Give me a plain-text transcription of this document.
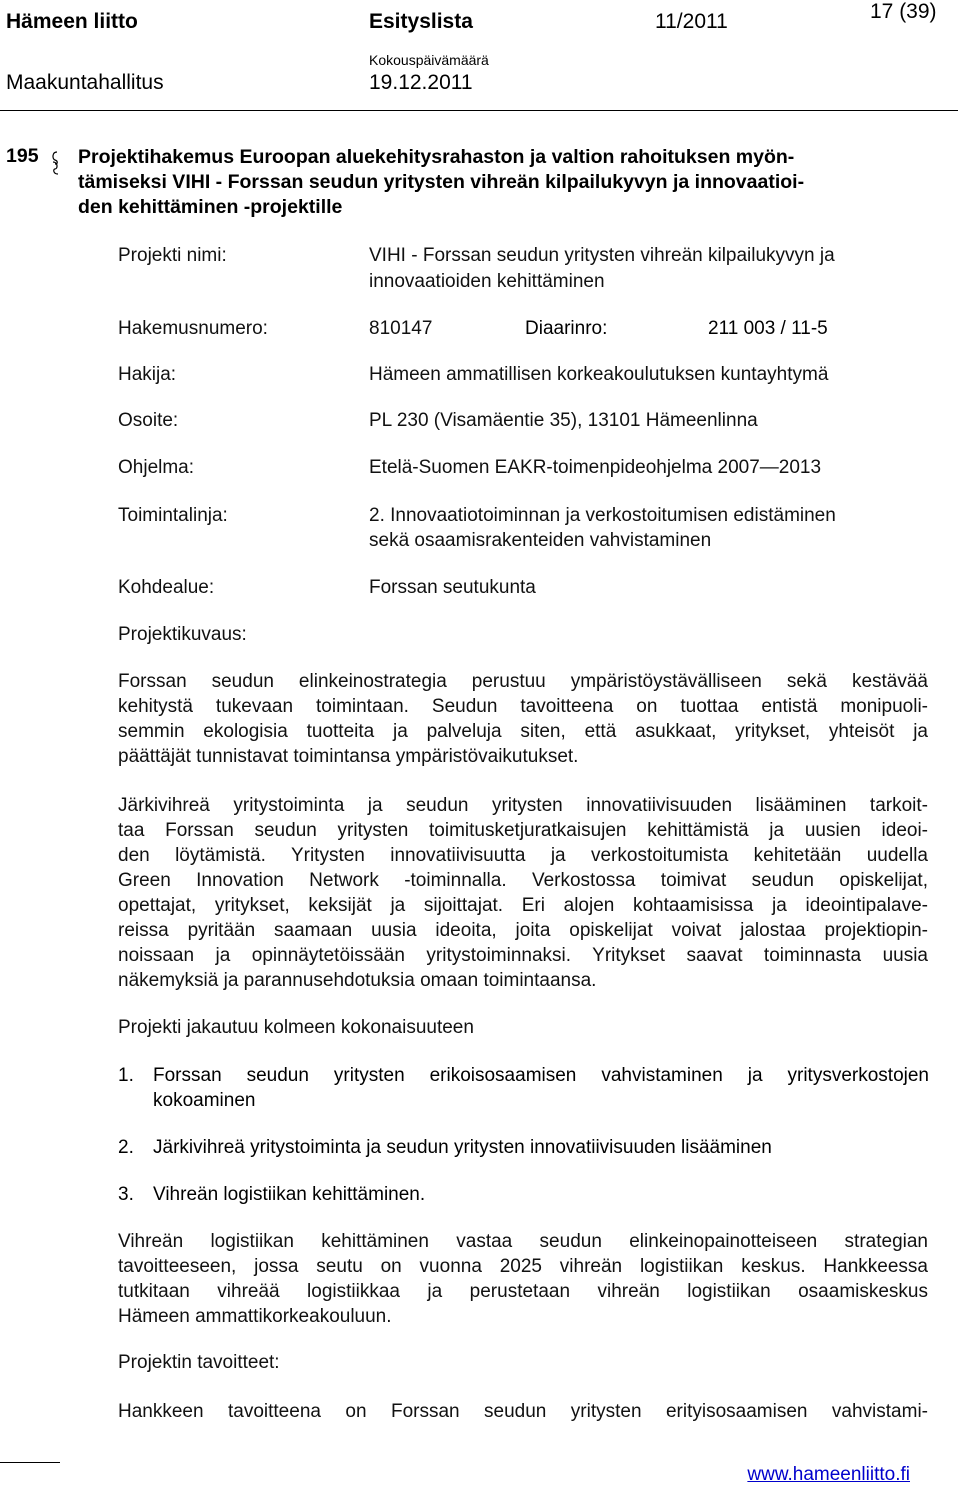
Hämeen liitto	Esityslista	11/2011	17 (39)
Maakuntahallitus
Kokouspäivämäärä
19.12.2011
195 Projektihakemus Euroopan aluekehitysrahaston ja valtion rahoituksen myön-
tämiseksi VIHI - Forssan seudun yritysten vihreän kilpailukyvyn ja innovaatioi-
den kehittäminen -projektille
Projekti nimi:	VIHI - Forssan seudun yritysten vihreän kilpailukyvyn ja
innovaatioiden kehittäminen
Hakemusnumero:	810147	Diaarinro:	211 003 / 11-5
Hakija:	Hämeen ammatillisen korkeakoulutuksen kuntayhtymä
Osoite:	PL 230 (Visamäentie 35), 13101 Hämeenlinna
Ohjelma:	Etelä-Suomen EAKR-toimenpideohjelma 2007—2013
Toimintalinja:	2. Innovaatiotoiminnan ja verkostoitumisen edistäminen
sekä osaamisrakenteiden vahvistaminen
Kohdealue:	Forssan seutukunta
Projektikuvaus:
Forssan seudun elinkeinostrategia perustuu ympäristöystävälliseen sekä kestävää
kehitystä tukevaan toimintaan. Seudun tavoitteena on tuottaa entistä monipuoli-
semmin ekologisia tuotteita ja palveluja siten, että asukkaat, yritykset, yhteisöt ja
päättäjät tunnistavat toimintansa ympäristövaikutukset.
Järkivihreä yritystoiminta ja seudun yritysten innovatiivisuuden lisääminen tarkoit-
taa Forssan seudun yritysten toimitusketjuratkaisujen kehittämistä ja uusien ideoi-
den löytämistä. Yritysten innovatiivisuutta ja verkostoitumista kehitetään uudella
Green Innovation Network -toiminnalla. Verkostossa toimivat seudun opiskelijat,
opettajat, yritykset, keksijät ja sijoittajat. Eri alojen kohtaamisissa ja ideointipalave-
reissa pyritään saamaan uusia ideoita, joita opiskelijat voivat jalostaa projektiopin-
noissaan ja opinnäytetöissään yritystoiminnaksi. Yritykset saavat toiminnasta uusia
näkemyksiä ja parannusehdotuksia omaan toimintaansa.
Projekti jakautuu kolmeen kokonaisuuteen
1. Forssan seudun yritysten erikoisosaamisen vahvistaminen ja yritysverkostojen
kokoaminen
2. Järkivihreä yritystoiminta ja seudun yritysten innovatiivisuuden lisääminen
3. Vihreän logistiikan kehittäminen.
Vihreän logistiikan kehittäminen vastaa seudun elinkeinopainotteiseen strategian
tavoitteeseen, jossa seutu on vuonna 2025 vihreän logistiikan keskus. Hankkeessa
tutkitaan vihreää logistiikkaa ja perustetaan vihreän logistiikan osaamiskeskus
Hämeen ammattikorkeakouluun.
Projektin tavoitteet:
Hankkeen tavoitteena on Forssan seudun yritysten erityisosaamisen vahvistami-
www.hameenliitto.fi
